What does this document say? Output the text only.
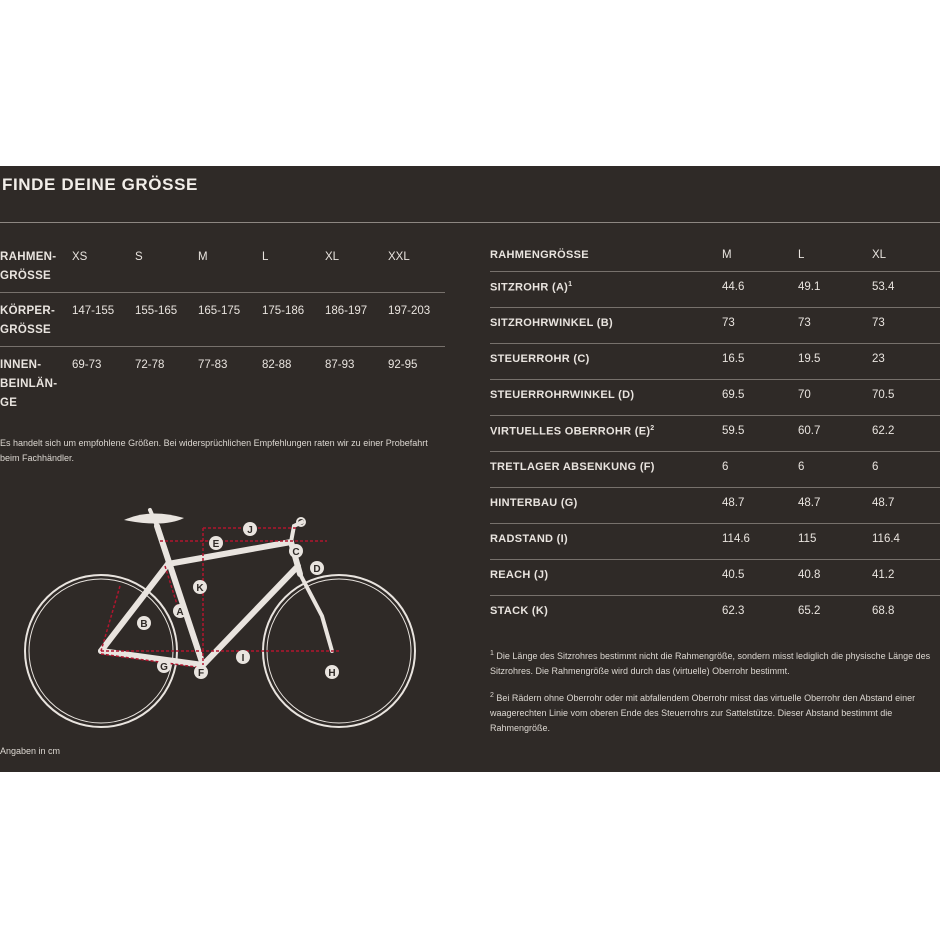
FINDE DEINE GRÖSSE
RAHMEN-
GRÖSSE
XS	S	M	L	XL	XXL
KÖRPER-
GRÖSSE
147-155 155-165 165-175 175-186 186-197 197-203
INNEN-
BEINLÄN-
GE
69-73	72-78	77-83	82-88	87-93	92-95
Es handelt sich um empfohlene Größen. Bei widersprüchlichen Empfehlungen raten wir zu einer Probefahrt beim Fachhändler.
A
B
C
D
E
F
G
H
I
J
K
Angaben in cm
RAHMENGRÖSSE	M	L	XL
SITZROHR $(A)^1$	44.6	49.1	53.4
SITZROHRWINKEL (B)	73	73	73
STEUERROHR (C)	16.5	19.5	23
STEUERROHRWINKEL (D)	69.5	70	70.5
VIRTUELLES OBERROHR $(E)^2$	59.5	60.7	62.2
TRETLAGER ABSENKUNG (F)	6	6	6
HINTERBAU (G)	48.7	48.7	48.7
RADSTAND (I)	114.6	115	116.4
REACH (J)	40.5	40.8	41.2
STACK (K)	62.3	65.2	68.8
$^1$ Die Länge des Sitzrohres bestimmt nicht die Rahmengröße, sondern misst lediglich die physische Länge des Sitzrohres. Die Rahmengröße wird durch das (virtuelle) Oberrohr bestimmt.
$^2$ Bei Rädern ohne Oberrohr oder mit abfallendem Oberrohr misst das virtuelle Oberrohr den Abstand einer waagerechten Linie vom oberen Ende des Steuerrohrs zur Sattelstütze. Dieser Abstand bestimmt die Rahmengröße.
